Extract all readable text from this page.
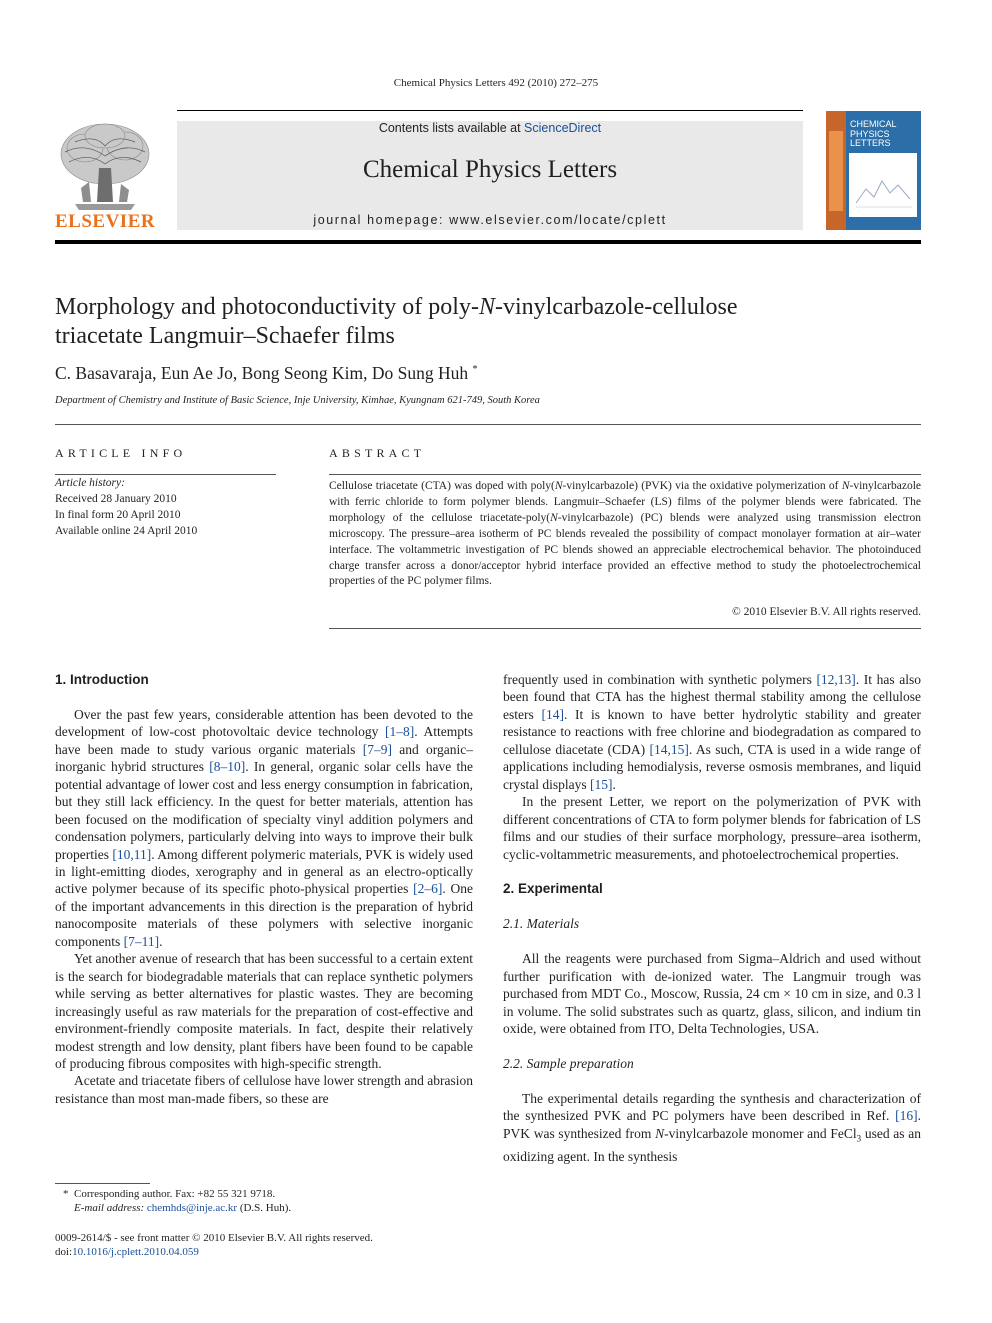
Chemical Physics Letters 492 (2010) 272–275
ELSEVIER
Contents lists available at ScienceDirect
Chemical Physics Letters
journal homepage: www.elsevier.com/locate/cplett
CHEMICAL
PHYSICS
LETTERS
Morphology and photoconductivity of poly-N-vinylcarbazole-cellulose
triacetate Langmuir–Schaefer films
C. Basavaraja, Eun Ae Jo, Bong Seong Kim, Do Sung Huh *
Department of Chemistry and Institute of Basic Science, Inje University, Kimhae, Kyungnam 621-749, South Korea
ARTICLE INFO
Article history:
Received 28 January 2010
In final form 20 April 2010
Available online 24 April 2010
ABSTRACT
Cellulose triacetate (CTA) was doped with poly(N-vinylcarbazole) (PVK) via the oxidative polymerization of N-vinylcarbazole with ferric chloride to form polymer blends. Langmuir–Schaefer (LS) films of the polymer blends were fabricated. The morphology of the cellulose triacetate-poly(N-vinylcarbazole) (PC) blends were analyzed using transmission electron microscopy. The pressure–area isotherm of PC blends revealed the possibility of compact monolayer formation at air–water interface. The voltammetric investigation of PC blends showed an appreciable electrochemical behavior. The photoinduced charge transfer across a donor/acceptor hybrid interface provided an effective method to study the photoelectrochemical properties of the PC polymer films.
© 2010 Elsevier B.V. All rights reserved.
1. Introduction

Over the past few years, considerable attention has been devoted to the development of low-cost photovoltaic device technology [1–8]. Attempts have been made to study various organic materials [7–9] and organic–inorganic hybrid structures [8–10]. In general, organic solar cells have the potential advantage of lower cost and less energy consumption in fabrication, but they still lack efficiency. In the quest for better materials, attention has been focused on the modification of specialty vinyl addition polymers and condensation polymers, particularly delving into ways to improve their bulk properties [10,11]. Among different polymeric materials, PVK is widely used in light-emitting diodes, xerography and in general as an electro-optically active polymer because of its specific photo-physical properties [2–6]. One of the important advancements in this direction is the preparation of hybrid nanocomposite materials of these polymers with selective inorganic components [7–11].

Yet another avenue of research that has been successful to a certain extent is the search for biodegradable materials that can replace synthetic polymers while serving as better alternatives for plastic wastes. They are becoming increasingly useful as raw materials for the preparation of cost-effective and environment-friendly composite materials. In fact, despite their relatively modest strength and low density, plant fibers have been found to be capable of producing fibrous composites with high-specific strength.

Acetate and triacetate fibers of cellulose have lower strength and abrasion resistance than most man-made fibers, so these are

* Corresponding author. Fax: +82 55 321 9718.
E-mail address: chemhds@inje.ac.kr (D.S. Huh).
0009-2614/$ - see front matter © 2010 Elsevier B.V. All rights reserved.
doi:10.1016/j.cplett.2010.04.059

frequently used in combination with synthetic polymers [12,13]. It has also been found that CTA has the highest thermal stability among the cellulose esters [14]. It is known to have better hydrolytic stability and greater resistance to reactions with free chlorine and biodegradation as compared to cellulose diacetate (CDA) [14,15]. As such, CTA is used in a wide range of applications including hemodialysis, reverse osmosis membranes, and liquid crystal displays [15].

In the present Letter, we report on the polymerization of PVK with different concentrations of CTA to form polymer blends for fabrication of LS films and our studies of their surface morphology, pressure–area isotherm, cyclic-voltammetric measurements, and photoelectrochemical properties.

2. Experimental
2.1. Materials

All the reagents were purchased from Sigma–Aldrich and used without further purification with de-ionized water. The Langmuir trough was purchased from MDT Co., Moscow, Russia, 24 cm × 10 cm in size, and 0.3 l in volume. The solid substrates such as quartz, glass, silicon, and indium tin oxide, were obtained from ITO, Delta Technologies, USA.

2.2. Sample preparation

The experimental details regarding the synthesis and characterization of the synthesized PVK and PC polymers have been described in Ref. [16]. PVK was synthesized from N-vinylcarbazole monomer and FeCl$_3$ used as an oxidizing agent. In the synthesis
